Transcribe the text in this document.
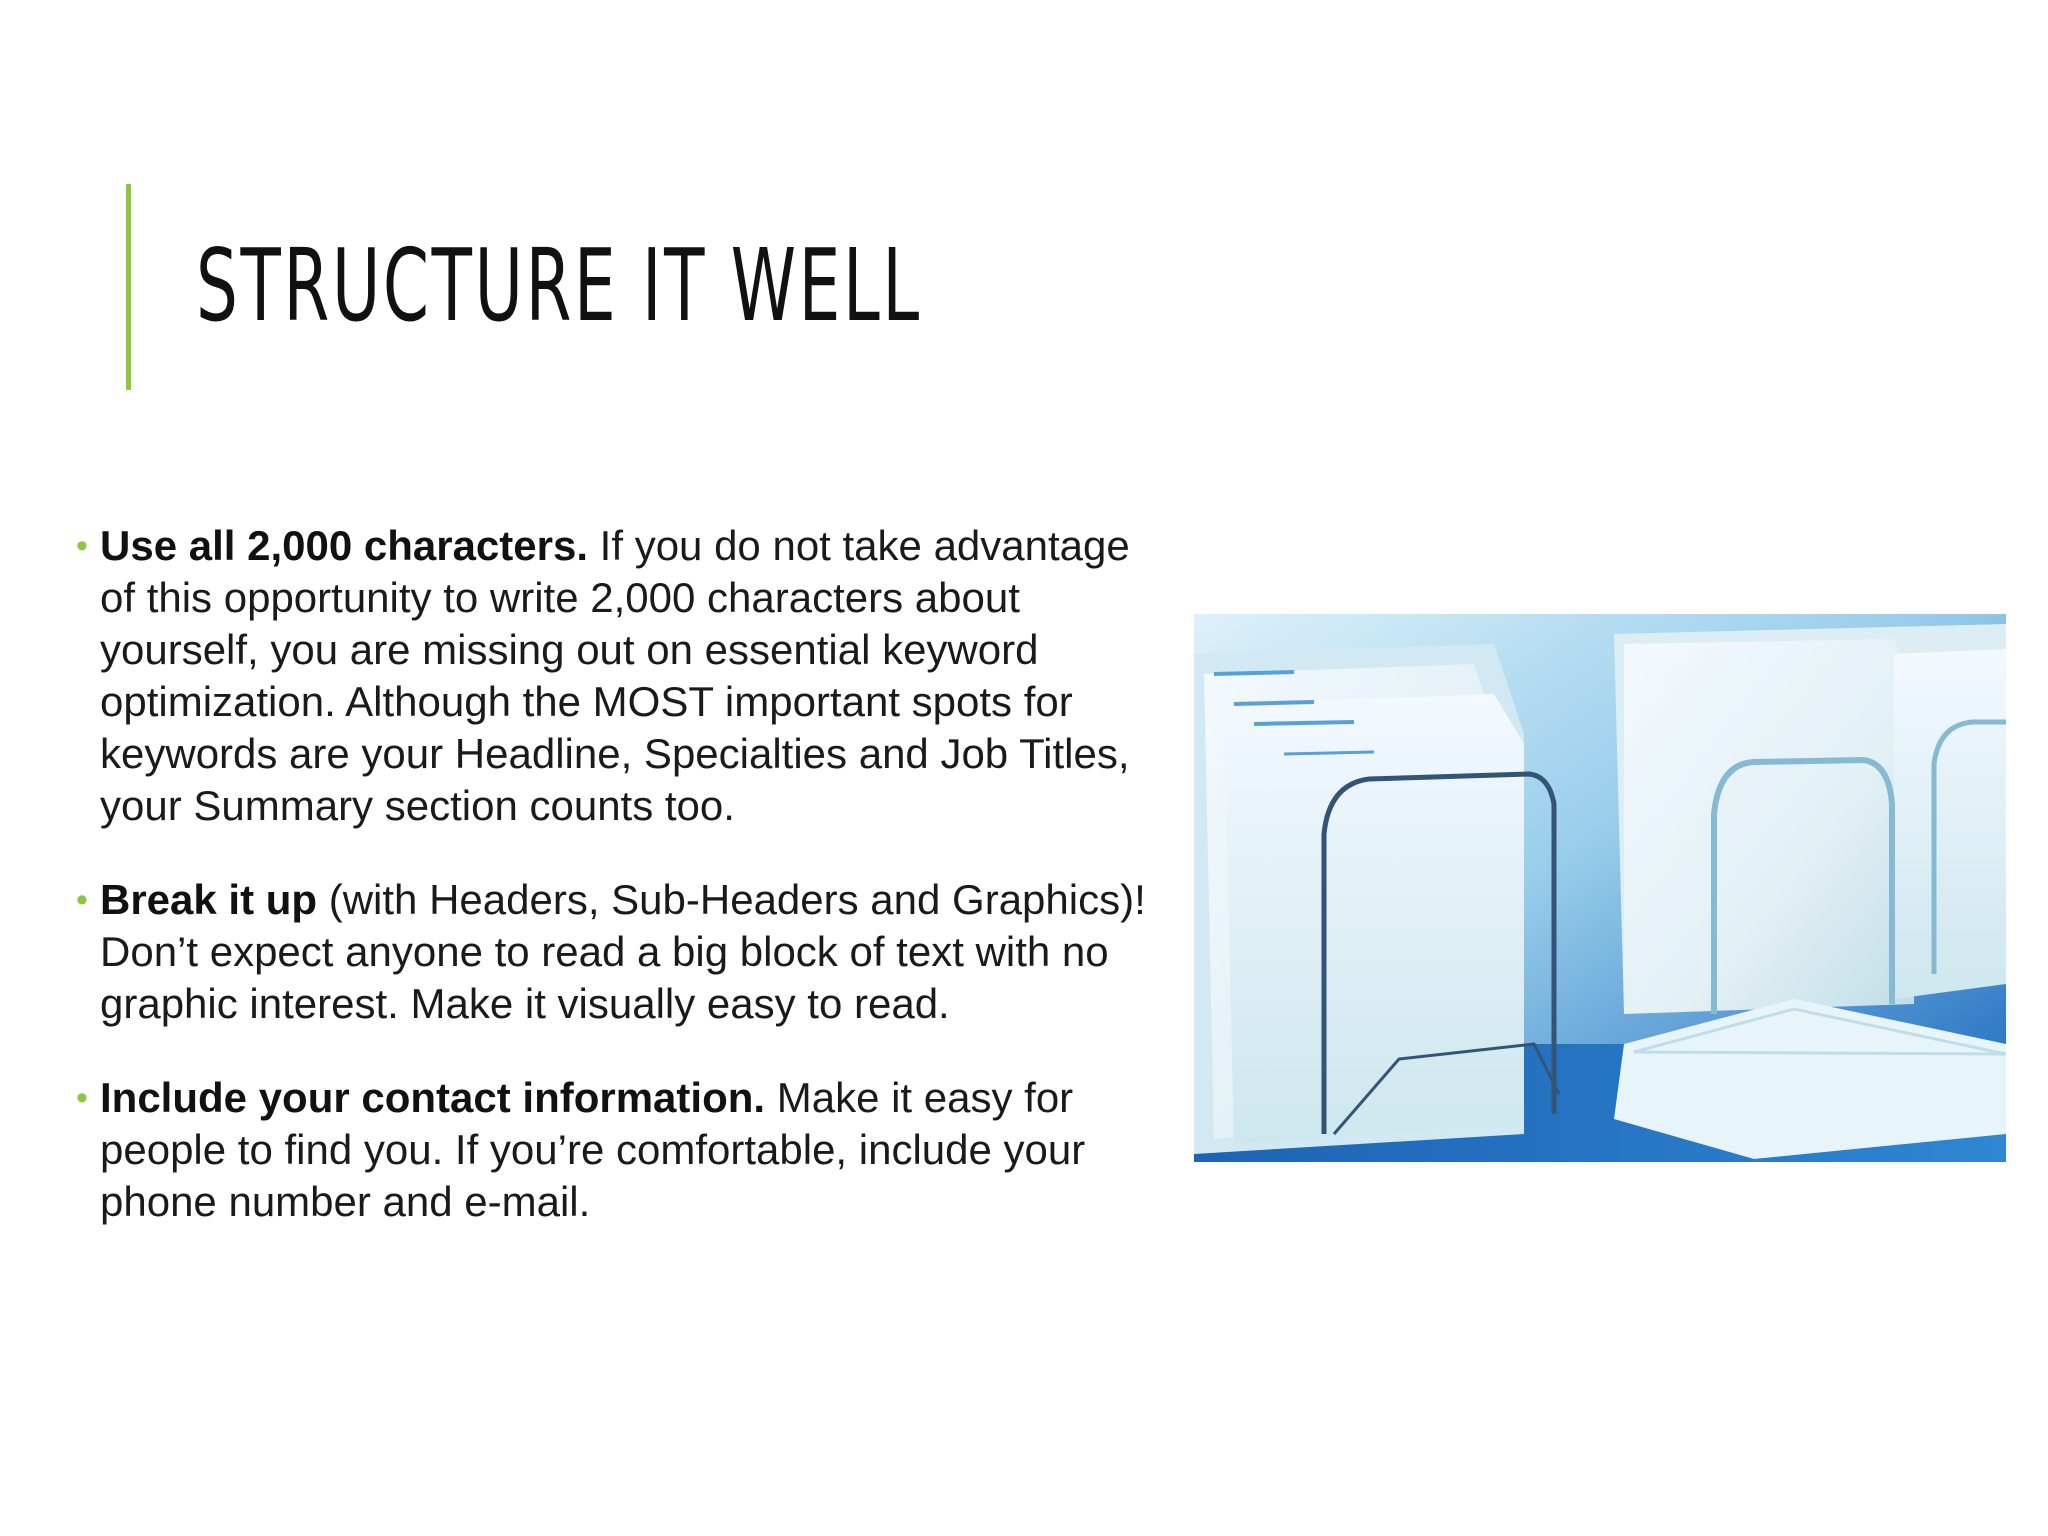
STRUCTURE IT WELL
• Use all 2,000 characters. If you do not take advantage of this opportunity to write 2,000 characters about yourself, you are missing out on essential keyword optimization. Although the MOST important spots for keywords are your Headline, Specialties and Job Titles, your Summary section counts too.
• Break it up (with Headers, Sub-Headers and Graphics)! Don’t expect anyone to read a big block of text with no graphic interest. Make it visually easy to read.
• Include your contact information. Make it easy for people to find you. If you’re comfortable, include your phone number and e-mail.
